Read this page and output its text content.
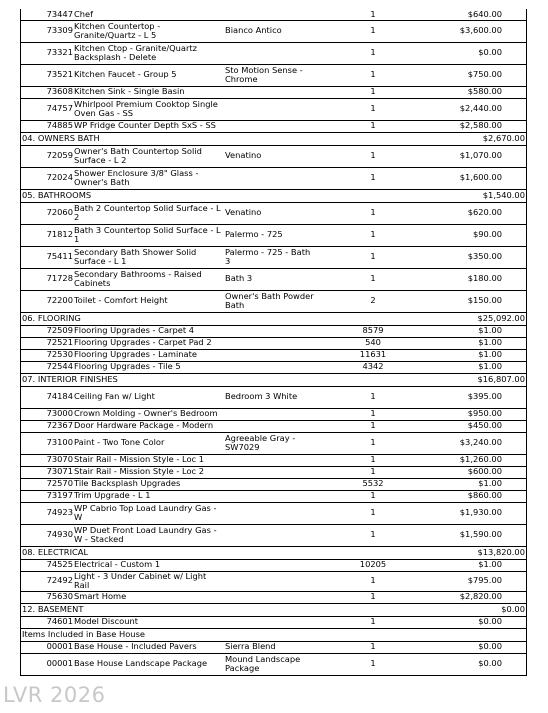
73447	Chef		1	$640.00	
73309	Kitchen Countertop - Granite/Quartz - L 5	Bianco Antico	1	$3,600.00	
73321	Kitchen Ctop - Granite/Quartz Backsplash - Delete		1	$0.00	
73521	Kitchen Faucet - Group 5	Sto Motion Sense - Chrome	1	$750.00	
73608	Kitchen Sink - Single Basin		1	$580.00	
74757	Whirlpool Premium Cooktop Single Oven Gas - SS		1	$2,440.00	
74885	WP Fridge Counter Depth SxS - SS		1	$2,580.00	
04. OWNERS BATH					$2,670.00
72059	Owner's Bath Countertop Solid Surface - L 2	Venatino	1	$1,070.00	
72024	Shower Enclosure 3/8" Glass - Owner's Bath		1	$1,600.00	
05. BATHROOMS					$1,540.00
72060	Bath 2 Countertop Solid Surface - L 2	Venatino	1	$620.00	
71812	Bath 3 Countertop Solid Surface - L 1	Palermo - 725	1	$90.00	
75411	Secondary Bath Shower Solid Surface - L 1	Palermo - 725 - Bath 3	1	$350.00	
71728	Secondary Bathrooms - Raised Cabinets	Bath 3	1	$180.00	
72200	Toilet - Comfort Height	Owner's Bath Powder Bath	2	$150.00	
06. FLOORING					$25,092.00
72509	Flooring Upgrades - Carpet 4		8579	$1.00	
72521	Flooring Upgrades - Carpet Pad 2		540	$1.00	
72530	Flooring Upgrades - Laminate		11631	$1.00	
72544	Flooring Upgrades - Tile 5		4342	$1.00	
07. INTERIOR FINISHES					$16,807.00
74184	Ceiling Fan w/ Light	Bedroom 3 White	1	$395.00	
73000	Crown Molding - Owner's Bedroom		1	$950.00	
72367	Door Hardware Package - Modern		1	$450.00	
73100	Paint - Two Tone Color	Agreeable Gray - SW7029	1	$3,240.00	
73070	Stair Rail - Mission Style - Loc 1		1	$1,260.00	
73071	Stair Rail - Mission Style - Loc 2		1	$600.00	
72570	Tile Backsplash Upgrades		5532	$1.00	
73197	Trim Upgrade - L 1		1	$860.00	
74923	WP Cabrio Top Load Laundry Gas - W		1	$1,930.00	
74930	WP Duet Front Load Laundry Gas - W - Stacked		1	$1,590.00	
08. ELECTRICAL					$13,820.00
74525	Electrical - Custom 1		10205	$1.00	
72492	Light - 3 Under Cabinet w/ Light Rail		1	$795.00	
75630	Smart Home		1	$2,820.00	
12. BASEMENT					$0.00
74601	Model Discount		1	$0.00	
Items Included in Base House					
00001	Base House - Included Pavers	Sierra Blend	1	$0.00	
00001	Base House Landscape Package	Mound Landscape Package	1	$0.00	
LVR 2026
